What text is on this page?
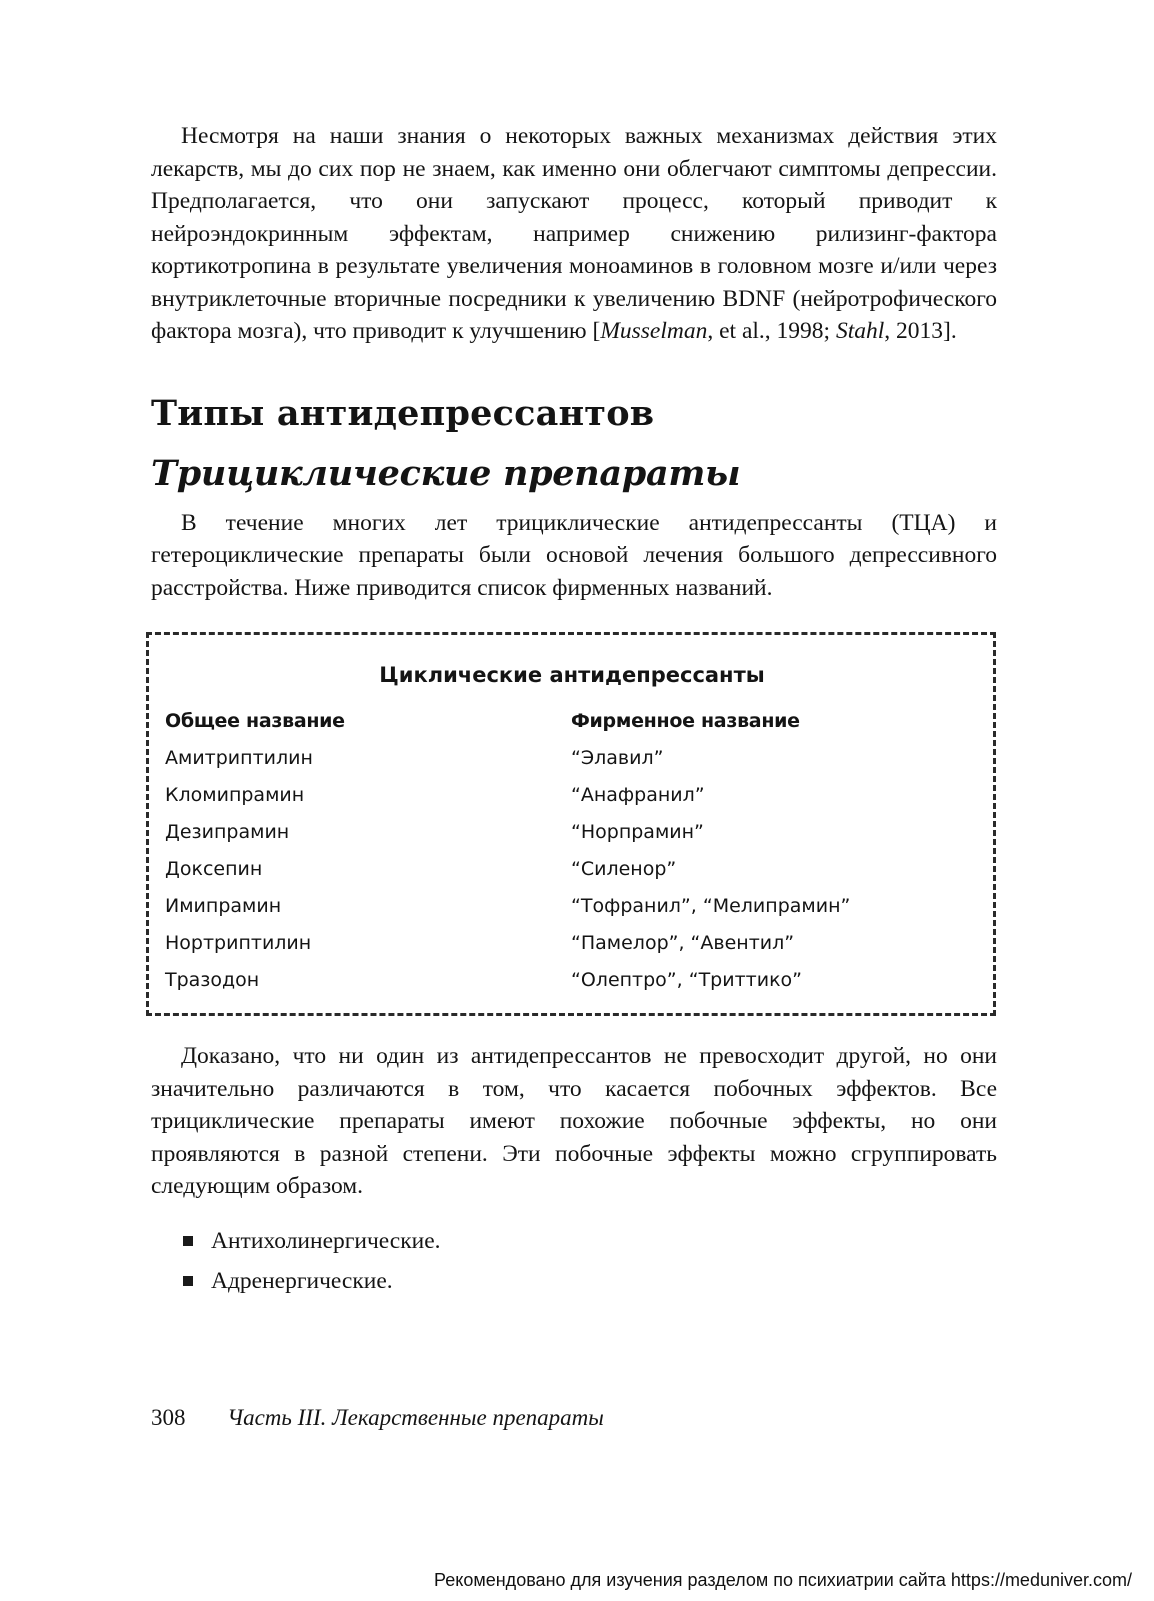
Несмотря на наши знания о некоторых важных механизмах действия этих лекарств, мы до сих пор не знаем, как именно они облегчают симптомы депрессии. Предполагается, что они запускают процесс, который приводит к нейроэндокринным эффектам, например снижению рилизинг-фактора кортикотропина в результате увеличения моноаминов в головном мозге и/или через внутриклеточные вторичные посредники к увеличению BDNF (нейротрофического фактора мозга), что приводит к улучшению [Musselman, et al., 1998; Stahl, 2013].

Типы антидепрессантов
Трициклические препараты

В течение многих лет трициклические антидепрессанты (ТЦА) и гетероциклические препараты были основой лечения большого депрессивного расстройства. Ниже приводится список фирменных названий.

Циклические антидепрессанты
Общее название	Фирменное название
Амитриптилин	“Элавил”
Кломипрамин	“Анафранил”
Дезипрамин	“Норпрамин”
Доксепин	“Силенор”
Имипрамин	“Тофранил”, “Мелипрамин”
Нортриптилин	“Памелор”, “Авентил”
Тразодон	“Олептро”, “Триттико”

Доказано, что ни один из антидепрессантов не превосходит другой, но они значительно различаются в том, что касается побочных эффектов. Все трициклические препараты имеют похожие побочные эффекты, но они проявляются в разной степени. Эти побочные эффекты можно сгруппировать следующим образом.

Антихолинергические.
Адренергические.
308 Часть III. Лекарственные препараты
Рекомендовано для изучения разделом по психиатрии сайта https://meduniver.com/
